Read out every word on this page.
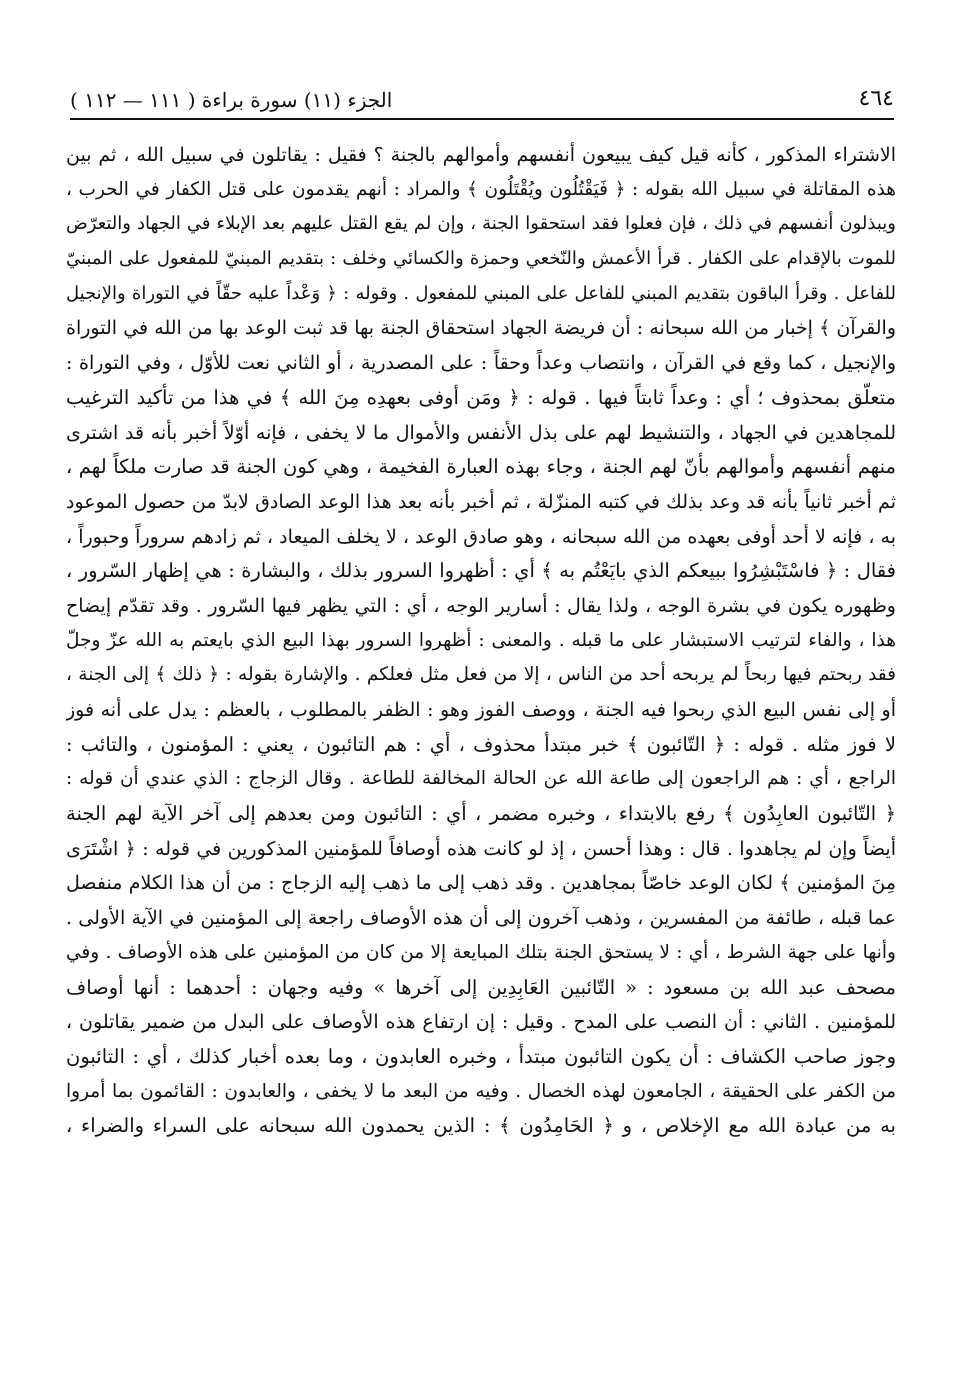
٤٦٤
الجزء (١١) سورة براءة ( ١١١ — ١١٢ )
الاشتراء المذكور ، كأنه قيل كيف يبيعون أنفسهم وأموالهم بالجنة ؟ فقيل : يقاتلون في سبيل الله ، ثم بين
هذه المقاتلة في سبيل الله بقوله : ﴿ فَيَقْتُلُون ويُقْتَلُون ﴾ والمراد : أنهم يقدمون على قتل الكفار في الحرب ،
ويبذلون أنفسهم في ذلك ، فإن فعلوا فقد استحقوا الجنة ، وإن لم يقع القتل عليهم بعد الإبلاء في الجهاد والتعرّض
للموت بالإقدام على الكفار . قرأ الأعمش والنّخعي وحمزة والكسائي وخلف : بتقديم المبنيّ للمفعول على المبنيّ
للفاعل . وقرأ الباقون بتقديم المبني للفاعل على المبني للمفعول . وقوله : ﴿ وَعْداً عليه حقّاً في التوراة والإنجيل
والقرآن ﴾ إخبار من الله سبحانه : أن فريضة الجهاد استحقاق الجنة بها قد ثبت الوعد بها من الله في التوراة
والإنجيل ، كما وقع في القرآن ، وانتصاب وعداً وحقاً : على المصدرية ، أو الثاني نعت للأوّل ، وفي التوراة :
متعلّق بمحذوف ؛ أي : وعداً ثابتاً فيها . قوله : ﴿ ومَن أوفى بعهدِه مِنَ الله ﴾ في هذا من تأكيد الترغيب
للمجاهدين في الجهاد ، والتنشيط لهم على بذل الأنفس والأموال ما لا يخفى ، فإنه أوّلاً أخبر بأنه قد اشترى
منهم أنفسهم وأموالهم بأنّ لهم الجنة ، وجاء بهذه العبارة الفخيمة ، وهي كون الجنة قد صارت ملكاً لهم ،
ثم أخبر ثانياً بأنه قد وعد بذلك في كتبه المنزّلة ، ثم أخبر بأنه بعد هذا الوعد الصادق لابدّ من حصول الموعود
به ، فإنه لا أحد أوفى بعهده من الله سبحانه ، وهو صادق الوعد ، لا يخلف الميعاد ، ثم زادهم سروراً وحبوراً ،
فقال : ﴿ فاسْتَبْشِرُوا ببيعكم الذي بايَعْتُم به ﴾ أي : أظهروا السرور بذلك ، والبشارة : هي إظهار السّرور ،
وظهوره يكون في بشرة الوجه ، ولذا يقال : أسارير الوجه ، أي : التي يظهر فيها السّرور . وقد تقدّم إيضاح
هذا ، والفاء لترتيب الاستبشار على ما قبله . والمعنى : أظهروا السرور بهذا البيع الذي بايعتم به الله عزّ وجلّ
فقد ربحتم فيها ربحاً لم يربحه أحد من الناس ، إلا من فعل مثل فعلكم . والإشارة بقوله : ﴿ ذلك ﴾ إلى الجنة ،
أو إلى نفس البيع الذي ربحوا فيه الجنة ، ووصف الفوز وهو : الظفر بالمطلوب ، بالعظم : يدل على أنه فوز
لا فوز مثله . قوله : ﴿ التّائبون ﴾ خبر مبتدأ محذوف ، أي : هم التائبون ، يعني : المؤمنون ، والتائب :
الراجع ، أي : هم الراجعون إلى طاعة الله عن الحالة المخالفة للطاعة . وقال الزجاج : الذي عندي أن قوله :
﴿ التّائبون العابِدُون ﴾ رفع بالابتداء ، وخبره مضمر ، أي : التائبون ومن بعدهم إلى آخر الآية لهم الجنة
أيضاً وإن لم يجاهدوا . قال : وهذا أحسن ، إذ لو كانت هذه أوصافاً للمؤمنين المذكورين في قوله : ﴿ اشْتَرَى
مِنَ المؤمنين ﴾ لكان الوعد خاصّاً بمجاهدين . وقد ذهب إلى ما ذهب إليه الزجاج : من أن هذا الكلام منفصل
عما قبله ، طائفة من المفسرين ، وذهب آخرون إلى أن هذه الأوصاف راجعة إلى المؤمنين في الآية الأولى .
وأنها على جهة الشرط ، أي : لا يستحق الجنة بتلك المبايعة إلا من كان من المؤمنين على هذه الأوصاف . وفي
مصحف عبد الله بن مسعود : « التّائبين العَابِدِين إلى آخرها » وفيه وجهان : أحدهما : أنها أوصاف
للمؤمنين . الثاني : أن النصب على المدح . وقيل : إن ارتفاع هذه الأوصاف على البدل من ضمير يقاتلون ،
وجوز صاحب الكشاف : أن يكون التائبون مبتدأ ، وخبره العابدون ، وما بعده أخبار كذلك ، أي : التائبون
من الكفر على الحقيقة ، الجامعون لهذه الخصال . وفيه من البعد ما لا يخفى ، والعابدون : القائمون بما أمروا
به من عبادة الله مع الإخلاص ، و ﴿ الحَامِدُون ﴾ : الذين يحمدون الله سبحانه على السراء والضراء ،
